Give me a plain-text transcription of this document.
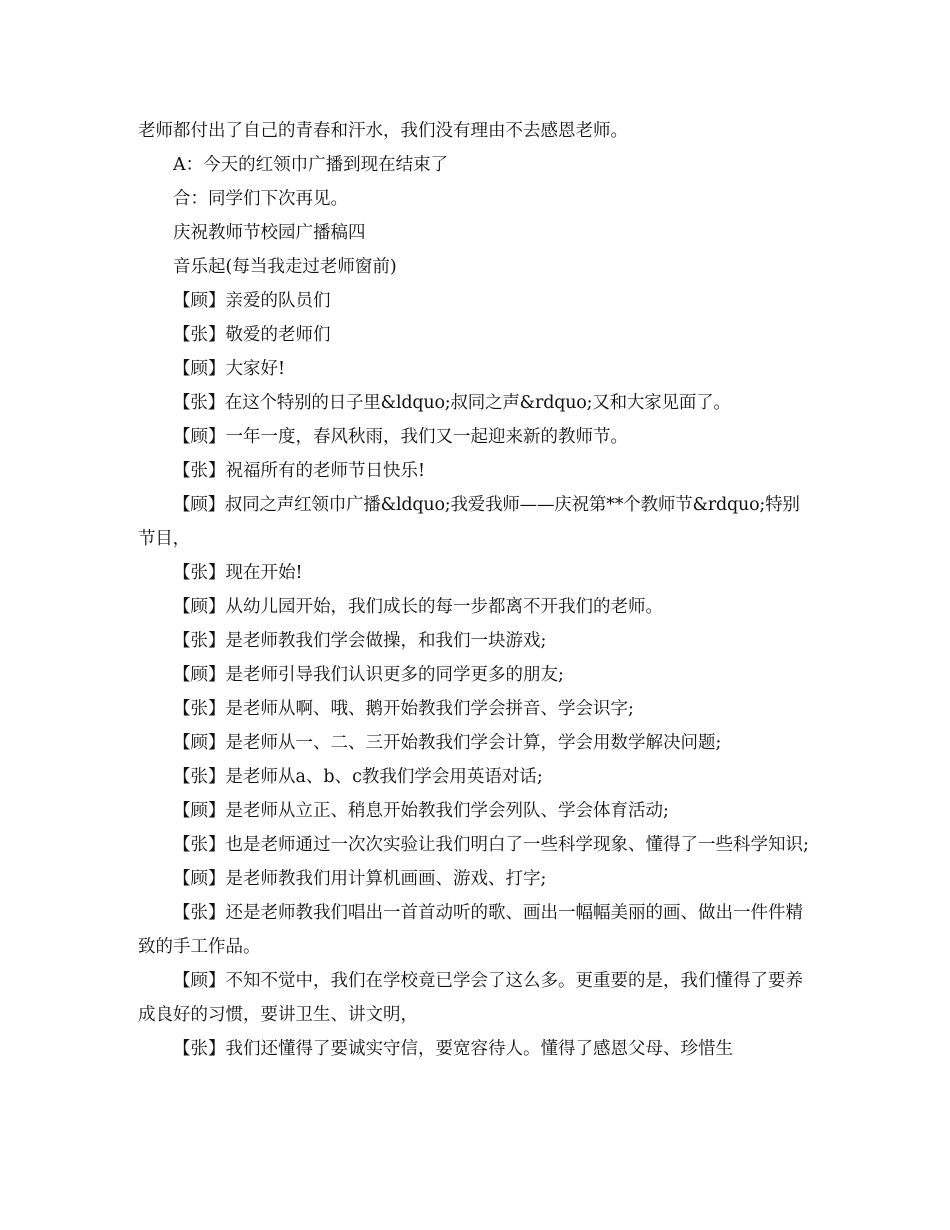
老师都付出了自己的青春和汗水，我们没有理由不去感恩老师。

A：今天的红领巾广播到现在结束了

合：同学们下次再见。

庆祝教师节校园广播稿四

音乐起(每当我走过老师窗前)

【顾】亲爱的队员们

【张】敬爱的老师们

【顾】大家好!

【张】在这个特别的日子里&ldquo;叔同之声&rdquo;又和大家见面了。

【顾】一年一度，春风秋雨，我们又一起迎来新的教师节。

【张】祝福所有的老师节日快乐!

【顾】叔同之声红领巾广播&ldquo;我爱我师——庆祝第**个教师节&rdquo;特别节目，

【张】现在开始!

【顾】从幼儿园开始，我们成长的每一步都离不开我们的老师。

【张】是老师教我们学会做操，和我们一块游戏;

【顾】是老师引导我们认识更多的同学更多的朋友;

【张】是老师从啊、哦、鹅开始教我们学会拼音、学会识字;

【顾】是老师从一、二、三开始教我们学会计算，学会用数学解决问题;

【张】是老师从a、b、c教我们学会用英语对话;

【顾】是老师从立正、稍息开始教我们学会列队、学会体育活动;

【张】也是老师通过一次次实验让我们明白了一些科学现象、懂得了一些科学知识;

【顾】是老师教我们用计算机画画、游戏、打字;

【张】还是老师教我们唱出一首首动听的歌、画出一幅幅美丽的画、做出一件件精致的手工作品。

【顾】不知不觉中，我们在学校竟已学会了这么多。更重要的是，我们懂得了要养成良好的习惯，要讲卫生、讲文明，

【张】我们还懂得了要诚实守信，要宽容待人。懂得了感恩父母、珍惜生
